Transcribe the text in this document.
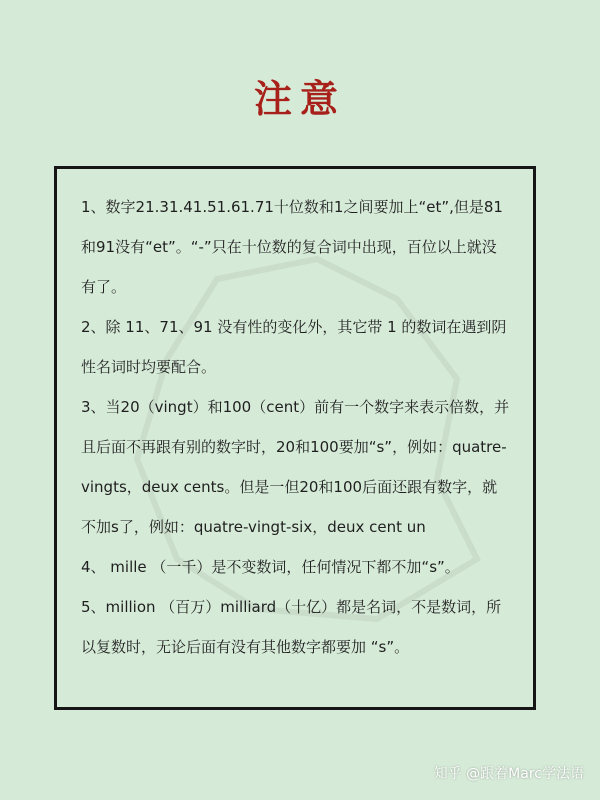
注意

1、数字21.31.41.51.61.71十位数和1之间要加上“et”,但是81和91没有“et”。“-”只在十位数的复合词中出现，百位以上就没有了。

2、除 11、71、91 没有性的变化外，其它带 1 的数词在遇到阴性名词时均要配合。

3、当20（vingt）和100（cent）前有一个数字来表示倍数，并且后面不再跟有别的数字时，20和100要加“s”，例如：quatre-vingts，deux cents。但是一但20和100后面还跟有数字，就不加s了，例如：quatre-vingt-six，deux cent un

4、 mille （一千）是不变数词，任何情况下都不加“s”。

5、million （百万）milliard（十亿）都是名词，不是数词，所以复数时，无论后面有没有其他数字都要加 “s”。

知乎 @跟着Marc学法语
